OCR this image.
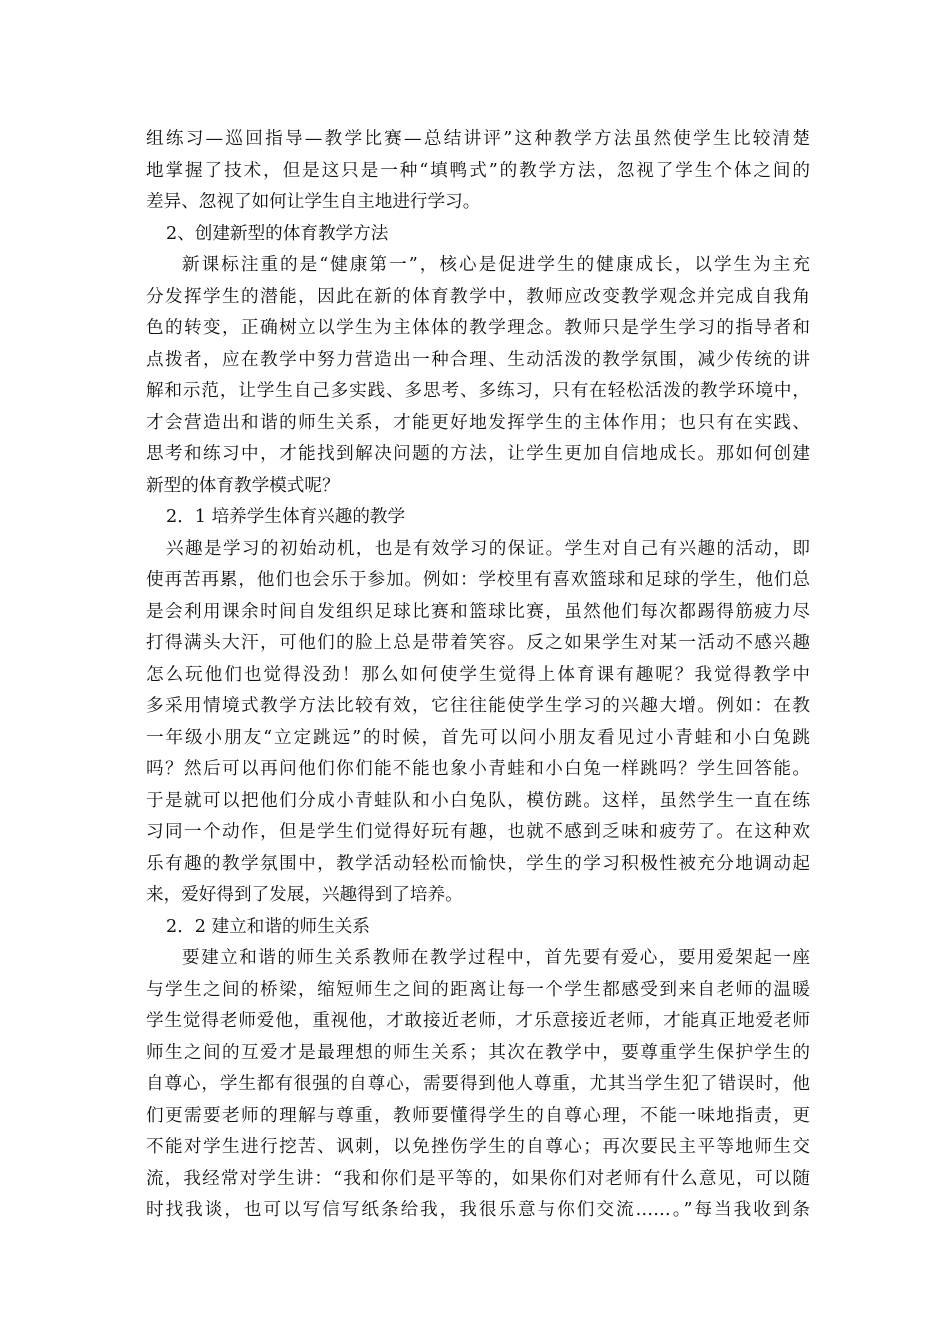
组练习—巡回指导—教学比赛—总结讲评”这种教学方法虽然使学生比较清楚
地掌握了技术，但是这只是一种“填鸭式”的教学方法，忽视了学生个体之间的
差异、忽视了如何让学生自主地进行学习。
2、创建新型的体育教学方法
新课标注重的是“健康第一”，核心是促进学生的健康成长，以学生为主充
分发挥学生的潜能，因此在新的体育教学中，教师应改变教学观念并完成自我角
色的转变，正确树立以学生为主体体的教学理念。教师只是学生学习的指导者和
点拨者，应在教学中努力营造出一种合理、生动活泼的教学氛围，减少传统的讲
解和示范，让学生自己多实践、多思考、多练习，只有在轻松活泼的教学环境中，
才会营造出和谐的师生关系，才能更好地发挥学生的主体作用；也只有在实践、
思考和练习中，才能找到解决问题的方法，让学生更加自信地成长。那如何创建
新型的体育教学模式呢？
2．1 培养学生体育兴趣的教学
兴趣是学习的初始动机，也是有效学习的保证。学生对自己有兴趣的活动，即
使再苦再累，他们也会乐于参加。例如：学校里有喜欢篮球和足球的学生，他们总
是会利用课余时间自发组织足球比赛和篮球比赛，虽然他们每次都踢得筋疲力尽
打得满头大汗，可他们的脸上总是带着笑容。反之如果学生对某一活动不感兴趣
怎么玩他们也觉得没劲！那么如何使学生觉得上体育课有趣呢？我觉得教学中
多采用情境式教学方法比较有效，它往往能使学生学习的兴趣大增。例如：在教
一年级小朋友“立定跳远”的时候，首先可以问小朋友看见过小青蛙和小白兔跳
吗？然后可以再问他们你们能不能也象小青蛙和小白兔一样跳吗？学生回答能。
于是就可以把他们分成小青蛙队和小白兔队，模仿跳。这样，虽然学生一直在练
习同一个动作，但是学生们觉得好玩有趣，也就不感到乏味和疲劳了。在这种欢
乐有趣的教学氛围中，教学活动轻松而愉快，学生的学习积极性被充分地调动起
来，爱好得到了发展，兴趣得到了培养。
2．2 建立和谐的师生关系
要建立和谐的师生关系教师在教学过程中，首先要有爱心，要用爱架起一座
与学生之间的桥梁，缩短师生之间的距离让每一个学生都感受到来自老师的温暖
学生觉得老师爱他，重视他，才敢接近老师，才乐意接近老师，才能真正地爱老师
师生之间的互爱才是最理想的师生关系；其次在教学中，要尊重学生保护学生的
自尊心，学生都有很强的自尊心，需要得到他人尊重，尤其当学生犯了错误时，他
们更需要老师的理解与尊重，教师要懂得学生的自尊心理，不能一味地指责，更
不能对学生进行挖苦、讽刺，以免挫伤学生的自尊心；再次要民主平等地师生交
流，我经常对学生讲：“我和你们是平等的，如果你们对老师有什么意见，可以随
时找我谈，也可以写信写纸条给我，我很乐意与你们交流……。”每当我收到条
